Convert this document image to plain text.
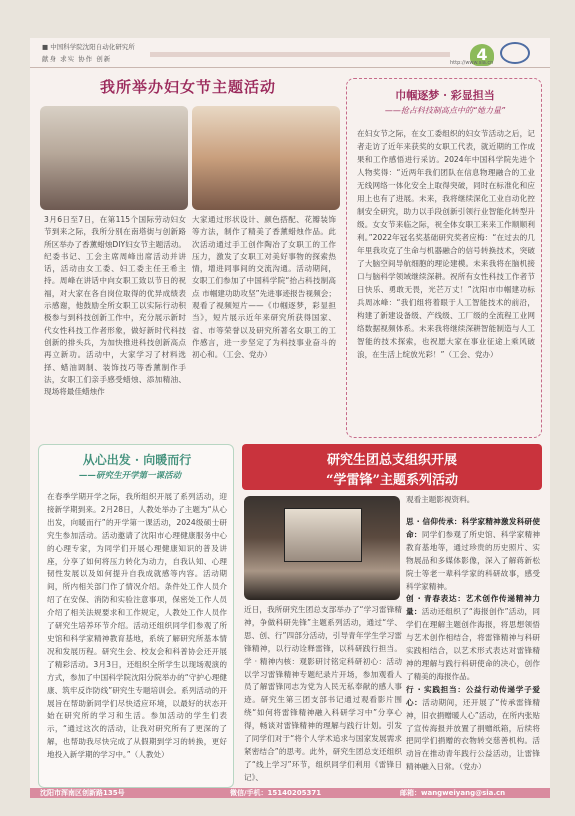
■ 中国科学院沈阳自动化研究所
献身 求实 协作 创新	4
http://www.sia.cn
我所举办妇女节主题活动
3月6日至7日，在第115个国际劳动妇女节到来之际，我所分别在南塔街与创新路所区举办了香薰蜡烛DIY妇女节主题活动。纪委书记、工会主席周峰出席活动并讲话，活动由女工委、妇工委主任王希主持。周峰在讲话中向女职工致以节日的祝福，对大家在各自岗位取得的优异成绩表示感谢，他鼓励全所女职工以实际行动积极参与到科技创新工作中，充分展示新时代女性科技工作者形象，做好新时代科技创新的排头兵，为加快推进科技创新高点再立新功。活动中，大家学习了材料选择、蜡油调制、装饰技巧等香薰制作手法，女职工们亲手感受蜡烛、添加精油、现场将最佳蜡烛作
大家通过形状设计、颜色搭配、花瓣装饰等方法，制作了精美了香薰蜡烛作品。此次活动通过手工创作陶冶了女职工的工作压力，激发了女职工对美好事物的探索热情，增进同事间的交流沟通。活动期间，女职工们参加了中国科学院“抬占科技制高点 市帼建功助攻坚”先进事迹报告视频会；观看了视频短片——《巾帼逐梦，彩显担当》，短片展示近年来研究所获得国家、省、市等荣誉以及研究所著名女职工的工作感言，进一步坚定了为科技事业奋斗的初心和。（工会、党办）
巾帼逐梦 · 彩显担当
——抢占科技制高点中的“她力量”
在妇女节之际，在女工委组织的妇女节活动之后，记者走访了近年来获奖的女职工代表，就近期的工作成果和工作感悟进行采访。2024年中国科学院先进个人物奖得：“近两年我们团队在信息物理融合的工业无线网络一体化安全上取得突破，同时在标准化和应用上也有了进展。未来，我将继续深化工业自动化控制安全研究，助力以手段创新引领行业智能化转型升级。女女节来临之际，祝全体女职工来来工作顺顺利利。”2022年冠名奖基础研究奖者应梅：“在过去的几年里我攻克了生命与机器融合的信号转换技术，突破了大脑空间导航细胞的理论建模。未来我将在脑机接口与脑科学领域继续深耕。祝所有女性科技工作者节日快乐、勇敢无畏，光芒万丈！”沈阳市巾帼建功标兵周冰峰：“我们组将着眼于人工智能技术的前沿，构建了新建设备级、产线级、工厂级的全流程工业网络数据视频体系。未来我将继续深耕智能制造与人工智能的技术探索，也祝愿大家在事业征途上乘风破浪，在生活上绽放光彩！”（工会、党办）
从心出发 · 向暖而行
——研究生开学第一课活动
在春季学期开学之际，我所组织开展了系列活动，迎接新学期到来。2月28日，人教处举办了主题为“从心出发，向暖而行”的开学第一课活动，2024级硕士研究生参加活动。活动邀请了沈阳市心理健康服务中心的心理专家，为同学们开展心理健康知识的普及讲座，分享了如何将压力转化为动力，自我认知、心理韧性发展以及如何提升自我成就感等内容。活动期间，所内相关部门作了情况介绍。条件处工作人员介绍了在安保、消防和实验注意事项，保密处工作人员介绍了相关法规要求和工作规定，人教处工作人员作了研究生培养环节介绍。活动还组织同学们参观了所史馆和科学家精神教育基地，系统了解研究所基本情况和发展历程。研究生会、校友会和科普协会还开展了精彩活动。3月3日，还组织全所学生以现场观演的方式，参加了中国科学院沈阳分院举办的“守护心理健康、筑牢反诈防线”研究生专题培训会。系列活动的开展旨在帮助新同学们尽快适应环境，以最好的状态开始在研究所的学习和生活。参加活动的学生们表示，“通过这次的活动，让我对研究所有了更深的了解，也帮助我尽快完成了从假期到学习的转换，更好地投入新学期的学习中。”（人教处）
研究生团总支组织开展
“学雷锋”主题系列活动
观看主题影视资料。
思 · 信仰传承：科学家精神激发科研使命：同学们参观了所史馆、科学家精神教育基地等，通过珍贵的历史照片、实物展品和多媒体影像，深入了解蒋新松院士等老一辈科学家的科研故事，感受科学家精神。
创 · 青春表达：艺术创作传递精神力量：活动还组织了“海报创作”活动，同学们在理解主题创作海报，将思想领悟与艺术创作相结合，将雷锋精神与科研实践相结合，以艺术形式表达对雷锋精神的理解与践行科研使命的决心，创作了精美的海报作品。
行 · 实践担当：公益行动传递学子爱心：活动期间，还开展了“传承雷锋精神，旧衣捐赠暖人心”活动，在所内张贴了宣传海报并放置了捐赠纸箱，后续将把同学们捐赠的衣物转交慈善机构。活动旨在推动青年践行公益活动，让雷锋精神融入日常。（党办）
近日，我所研究生团总支部举办了“学习雷锋精神，争做科研先锋”主题系列活动，通过“学、思、创、行”四部分活动，引导青年学生学习雷锋精神，以行动诠释雷锋，以科研践行担当。学 · 精神内核：观影研讨铭定科研初心：活动以学习雷锋精神专题纪录片开场，参加观看人员了解雷锋同志为党为人民无私奉献的感人事迹。研究生第三团支部书记通过观看影片围绕“如何将雷锋精神融入科研学习中”分享心得，畅谈对雷锋精神的理解与践行计划。引发了同学们对于“将个人学术追求与国家发展需求紧密结合”的思考。此外，研究生团总支还组织了“线上学习”环节，组织同学们利用《雷锋日记》、
沈阳市浑南区创新路135号	微信/手机：15140205371	邮箱：wangweiyang@sia.cn
